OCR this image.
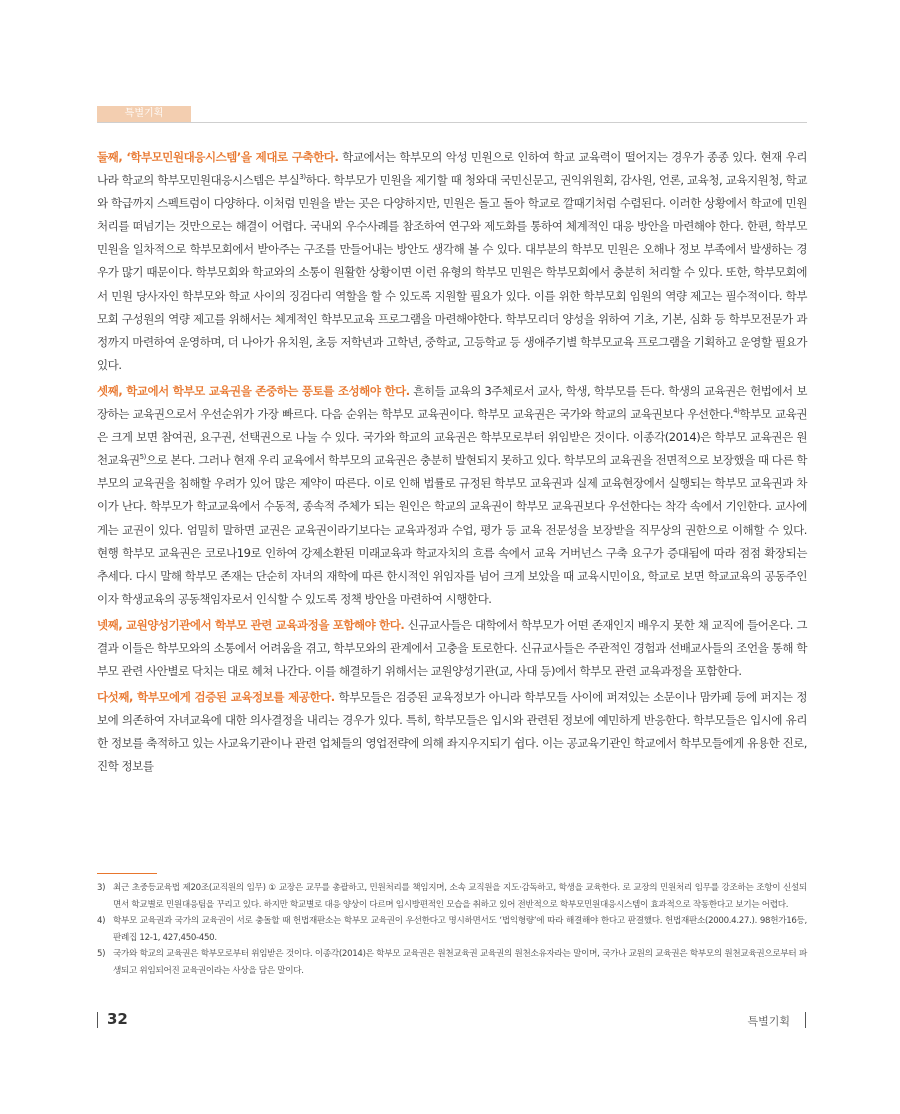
특별기획

둘째, ‘학부모민원대응시스템’을 제대로 구축한다. 학교에서는 학부모의 악성 민원으로 인하여 학교 교육력이 떨어지는 경우가 종종 있다. 현재 우리나라 학교의 학부모민원대응시스템은 부실$^{3)}$하다. 학부모가 민원을 제기할 때 청와대 국민신문고, 권익위원회, 감사원, 언론, 교육청, 교육지원청, 학교와 학급까지 스펙트럼이 다양하다. 이처럼 민원을 받는 곳은 다양하지만, 민원은 돌고 돌아 학교로 깔때기처럼 수렴된다. 이러한 상황에서 학교에 민원 처리를 떠넘기는 것만으로는 해결이 어렵다. 국내외 우수사례를 참조하여 연구와 제도화를 통하여 체계적인 대응 방안을 마련해야 한다. 한편, 학부모 민원을 일차적으로 학부모회에서 받아주는 구조를 만들어내는 방안도 생각해 볼 수 있다. 대부분의 학부모 민원은 오해나 정보 부족에서 발생하는 경우가 많기 때문이다. 학부모회와 학교와의 소통이 원활한 상황이면 이런 유형의 학부모 민원은 학부모회에서 충분히 처리할 수 있다. 또한, 학부모회에서 민원 당사자인 학부모와 학교 사이의 징검다리 역할을 할 수 있도록 지원할 필요가 있다. 이를 위한 학부모회 임원의 역량 제고는 필수적이다. 학부모회 구성원의 역량 제고를 위해서는 체계적인 학부모교육 프로그램을 마련해야한다. 학부모리더 양성을 위하여 기초, 기본, 심화 등 학부모전문가 과정까지 마련하여 운영하며, 더 나아가 유치원, 초등 저학년과 고학년, 중학교, 고등학교 등 생애주기별 학부모교육 프로그램을 기획하고 운영할 필요가 있다.

셋째, 학교에서 학부모 교육권을 존중하는 풍토를 조성해야 한다. 흔히들 교육의 3주체로서 교사, 학생, 학부모를 든다. 학생의 교육권은 헌법에서 보장하는 교육권으로서 우선순위가 가장 빠르다. 다음 순위는 학부모 교육권이다. 학부모 교육권은 국가와 학교의 교육권보다 우선한다.$^{4)}$학부모 교육권은 크게 보면 참여권, 요구권, 선택권으로 나눌 수 있다. 국가와 학교의 교육권은 학부모로부터 위임받은 것이다. 이종각(2014)은 학부모 교육권은 원천교육권$^{5)}$으로 본다. 그러나 현재 우리 교육에서 학부모의 교육권은 충분히 발현되지 못하고 있다. 학부모의 교육권을 전면적으로 보장했을 때 다른 학부모의 교육권을 침해할 우려가 있어 많은 제약이 따른다. 이로 인해 법률로 규정된 학부모 교육권과 실제 교육현장에서 실행되는 학부모 교육권과 차이가 난다. 학부모가 학교교육에서 수동적, 종속적 주체가 되는 원인은 학교의 교육권이 학부모 교육권보다 우선한다는 착각 속에서 기인한다. 교사에게는 교권이 있다. 엄밀히 말하면 교권은 교육권이라기보다는 교육과정과 수업, 평가 등 교육 전문성을 보장받을 직무상의 권한으로 이해할 수 있다. 현행 학부모 교육권은 코로나19로 인하여 강제소환된 미래교육과 학교자치의 흐름 속에서 교육 거버넌스 구축 요구가 증대됨에 따라 점점 확장되는 추세다. 다시 말해 학부모 존재는 단순히 자녀의 재학에 따른 한시적인 위임자를 넘어 크게 보았을 때 교육시민이요, 학교로 보면 학교교육의 공동주인이자 학생교육의 공동책임자로서 인식할 수 있도록 정책 방안을 마련하여 시행한다.

넷째, 교원양성기관에서 학부모 관련 교육과정을 포함해야 한다. 신규교사들은 대학에서 학부모가 어떤 존재인지 배우지 못한 채 교직에 들어온다. 그 결과 이들은 학부모와의 소통에서 어려움을 겪고, 학부모와의 관계에서 고충을 토로한다. 신규교사들은 주관적인 경험과 선배교사들의 조언을 통해 학부모 관련 사안별로 닥치는 대로 헤쳐 나간다. 이를 해결하기 위해서는 교원양성기관(교, 사대 등)에서 학부모 관련 교육과정을 포함한다.

다섯째, 학부모에게 검증된 교육정보를 제공한다. 학부모들은 검증된 교육정보가 아니라 학부모들 사이에 퍼져있는 소문이나 맘카페 등에 퍼지는 정보에 의존하여 자녀교육에 대한 의사결정을 내리는 경우가 있다. 특히, 학부모들은 입시와 관련된 정보에 예민하게 반응한다. 학부모들은 입시에 유리한 정보를 축적하고 있는 사교육기관이나 관련 업체들의 영업전략에 의해 좌지우지되기 쉽다. 이는 공교육기관인 학교에서 학부모들에게 유용한 진로, 진학 정보를

3) 최근 초중등교육법 제20조(교직원의 임무) ① 교장은 교무를 총괄하고, 민원처리를 책임지며, 소속 교직원을 지도·감독하고, 학생을 교육한다. 로 교장의 민원처리 임무를 강조하는 조항이 신설되면서 학교별로 민원대응팀을 꾸리고 있다. 하지만 학교별로 대응 양상이 다르며 임시방편적인 모습을 취하고 있어 전반적으로 학부모민원대응시스템이 효과적으로 작동한다고 보기는 어렵다.
4) 학부모 교육권과 국가의 교육권이 서로 충돌할 때 헌법재판소는 학부모 교육권이 우선한다고 명시하면서도 ‘법익형량’에 따라 해결해야 한다고 판결했다. 헌법재판소(2000.4.27.). 98헌가16등, 판례집 12-1, 427,450-450.
5) 국가와 학교의 교육권은 학부모로부터 위임받은 것이다. 이종각(2014)은 학부모 교육권은 원천교육권 교육권의 원천소유자라는 말이며, 국가나 교원의 교육권은 학부모의 원천교육권으로부터 파생되고 위임되어진 교육권이라는 사상을 담은 말이다.
32	특별기획
